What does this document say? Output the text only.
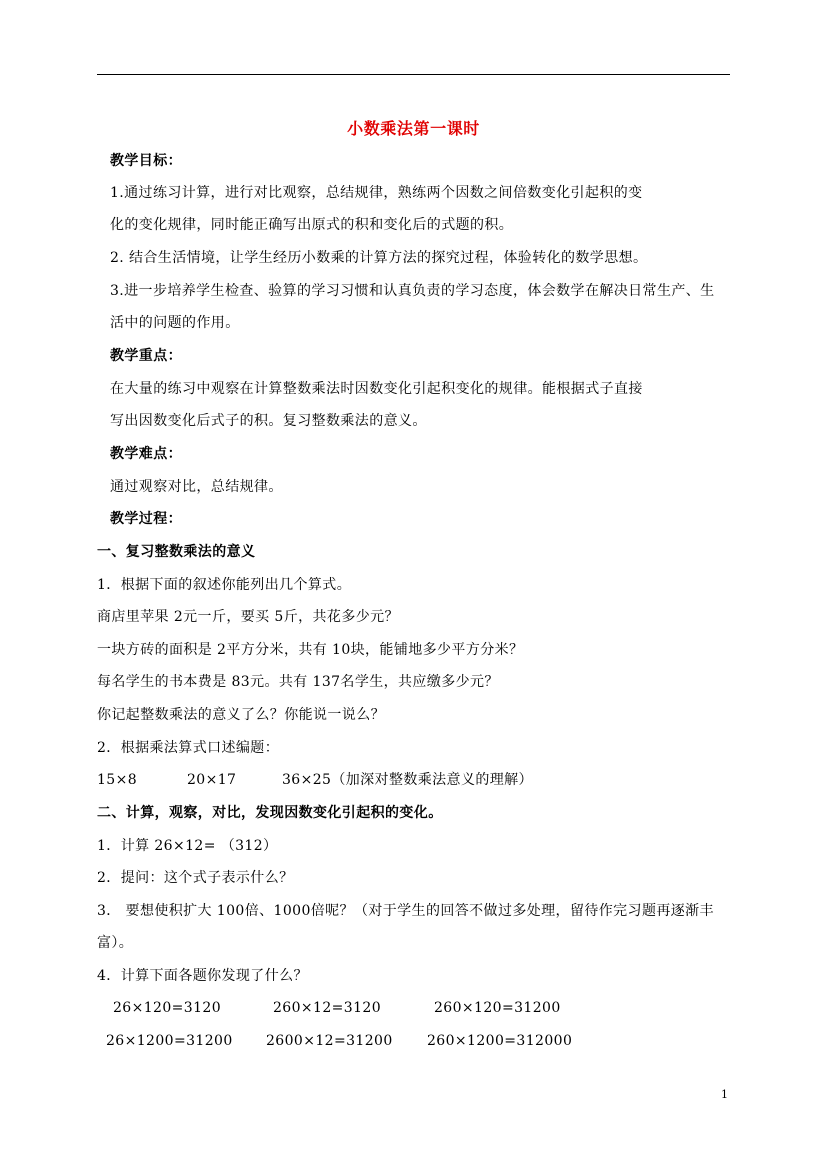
小数乘法第一课时
教学目标：
1.通过练习计算，进行对比观察，总结规律，熟练两个因数之间倍数变化引起积的变
化的变化规律，同时能正确写出原式的积和变化后的式题的积。
2. 结合生活情境，让学生经历小数乘的计算方法的探究过程，体验转化的数学思想。
3.进一步培养学生检查、验算的学习习惯和认真负责的学习态度，体会数学在解决日常生产、生
活中的问题的作用。
教学重点：
在大量的练习中观察在计算整数乘法时因数变化引起积变化的规律。能根据式子直接
写出因数变化后式子的积。复习整数乘法的意义。
教学难点：
通过观察对比，总结规律。
教学过程：
一、复习整数乘法的意义
1．根据下面的叙述你能列出几个算式。
商店里苹果 2元一斤，要买 5斤，共花多少元？
一块方砖的面积是 2平方分米，共有 10块，能铺地多少平方分米？
每名学生的书本费是 83元。共有 137名学生，共应缴多少元？
你记起整数乘法的意义了么？你能说一说么？
2．根据乘法算式口述编题：
15×8	20×17	36×25（加深对整数乘法意义的理解）
二、计算，观察，对比，发现因数变化引起积的变化。
1．计算 26×12= （312）
2．提问：这个式子表示什么？
3． 要想使积扩大 100倍、1000倍呢？（对于学生的回答不做过多处理，留待作完习题再逐渐丰
富）。
4．计算下面各题你发现了什么？
26×120=3120	260×12=3120	260×120=31200
26×1200=31200 2600×12=31200 260×1200=312000
1
